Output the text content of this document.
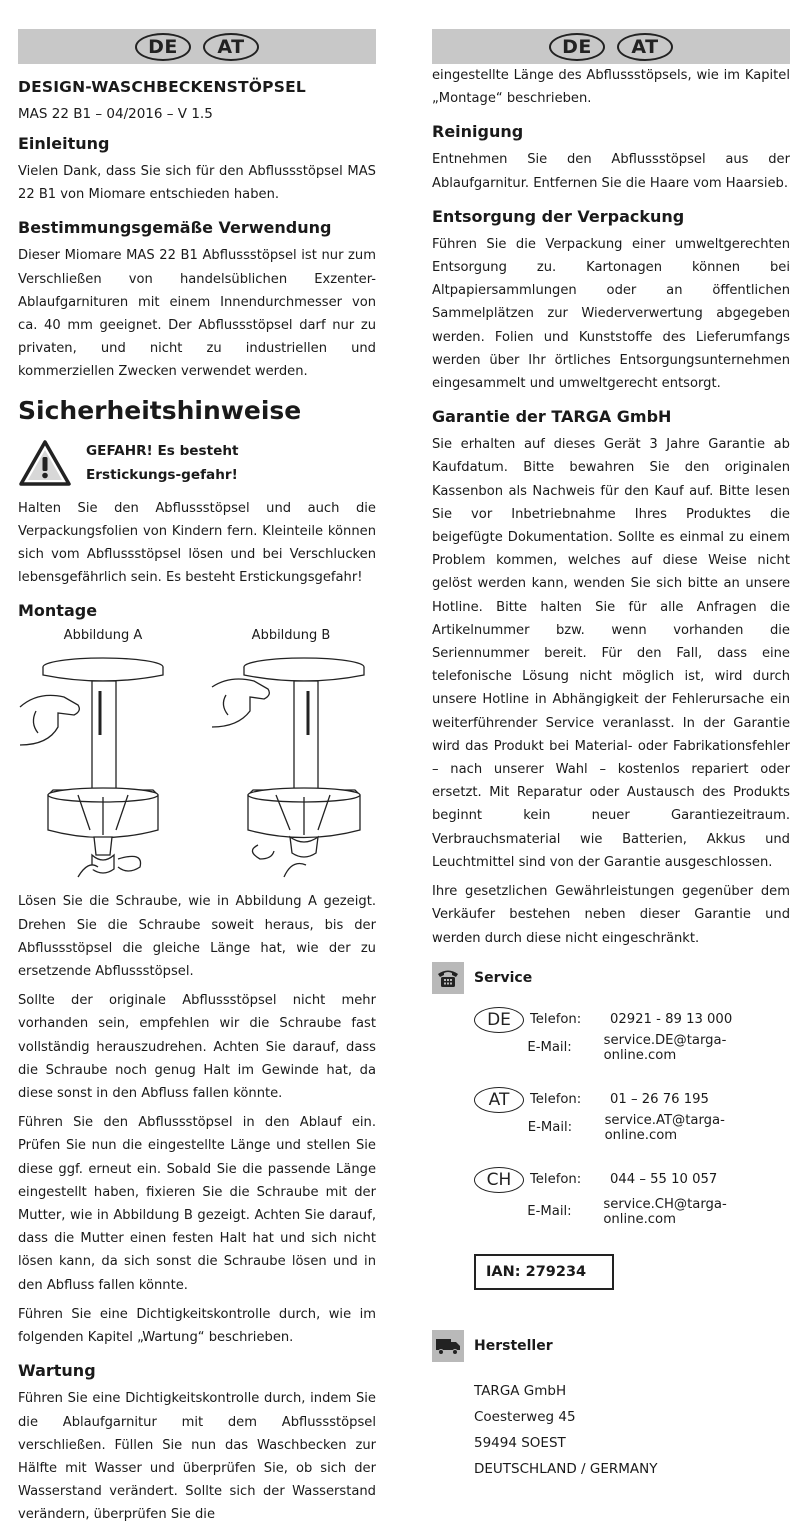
DE	AT
DESIGN-WASCHBECKENSTÖPSEL
MAS 22 B1 – 04/2016 – V 1.5
Einleitung

Vielen Dank, dass Sie sich für den Abflussstöpsel MAS 22 B1 von Miomare entschieden haben.

Bestimmungsgemäße Verwendung

Dieser Miomare MAS 22 B1 Abflussstöpsel ist nur zum Verschließen von handelsüblichen Exzenter-Ablaufgarnituren mit einem Innendurchmesser von ca. 40 mm geeignet. Der Abflussstöpsel darf nur zu privaten, und nicht zu industriellen und kommerziellen Zwecken verwendet werden.

Sicherheitshinweise
GEFAHR! Es besteht Erstickungs-gefahr!

Halten Sie den Abflussstöpsel und auch die Verpackungsfolien von Kindern fern. Kleinteile können sich vom Abflussstöpsel lösen und bei Verschlucken lebensgefährlich sein. Es besteht Erstickungsgefahr!

Montage
Abbildung A	Abbildung B

Lösen Sie die Schraube, wie in Abbildung A gezeigt. Drehen Sie die Schraube soweit heraus, bis der Abflussstöpsel die gleiche Länge hat, wie der zu ersetzende Abflussstöpsel.

Sollte der originale Abflussstöpsel nicht mehr vorhanden sein, empfehlen wir die Schraube fast vollständig herauszudrehen. Achten Sie darauf, dass die Schraube noch genug Halt im Gewinde hat, da diese sonst in den Abfluss fallen könnte.

Führen Sie den Abflussstöpsel in den Ablauf ein. Prüfen Sie nun die eingestellte Länge und stellen Sie diese ggf. erneut ein. Sobald Sie die passende Länge eingestellt haben, fixieren Sie die Schraube mit der Mutter, wie in Abbildung B gezeigt. Achten Sie darauf, dass die Mutter einen festen Halt hat und sich nicht lösen kann, da sich sonst die Schraube lösen und in den Abfluss fallen könnte.

Führen Sie eine Dichtigkeitskontrolle durch, wie im folgenden Kapitel „Wartung“ beschrieben.

Wartung

Führen Sie eine Dichtigkeitskontrolle durch, indem Sie die Ablaufgarnitur mit dem Abflussstöpsel verschließen. Füllen Sie nun das Waschbecken zur Hälfte mit Wasser und überprüfen Sie, ob sich der Wasserstand verändert. Sollte sich der Wasserstand verändern, überprüfen Sie die

DE	AT

eingestellte Länge des Abflussstöpsels, wie im Kapitel „Montage“ beschrieben.

Reinigung

Entnehmen Sie den Abflussstöpsel aus der Ablaufgarnitur. Entfernen Sie die Haare vom Haarsieb.

Entsorgung der Verpackung

Führen Sie die Verpackung einer umweltgerechten Entsorgung zu. Kartonagen können bei Altpapiersammlungen oder an öffentlichen Sammelplätzen zur Wiederverwertung abgegeben werden. Folien und Kunststoffe des Lieferumfangs werden über Ihr örtliches Entsorgungsunternehmen eingesammelt und umweltgerecht entsorgt.

Garantie der TARGA GmbH

Sie erhalten auf dieses Gerät 3 Jahre Garantie ab Kaufdatum. Bitte bewahren Sie den originalen Kassenbon als Nachweis für den Kauf auf. Bitte lesen Sie vor Inbetriebnahme Ihres Produktes die beigefügte Dokumentation. Sollte es einmal zu einem Problem kommen, welches auf diese Weise nicht gelöst werden kann, wenden Sie sich bitte an unsere Hotline. Bitte halten Sie für alle Anfragen die Artikelnummer bzw. wenn vorhanden die Seriennummer bereit. Für den Fall, dass eine telefonische Lösung nicht möglich ist, wird durch unsere Hotline in Abhängigkeit der Fehlerursache ein weiterführender Service veranlasst. In der Garantie wird das Produkt bei Material- oder Fabrikationsfehler – nach unserer Wahl – kostenlos repariert oder ersetzt. Mit Reparatur oder Austausch des Produkts beginnt kein neuer Garantiezeitraum. Verbrauchsmaterial wie Batterien, Akkus und Leuchtmittel sind von der Garantie ausgeschlossen.

Ihre gesetzlichen Gewährleistungen gegenüber dem Verkäufer bestehen neben dieser Garantie und werden durch diese nicht eingeschränkt.

Service
DE	Telefon:	02921 - 89 13 000
E-Mail:	service.DE@targa-online.com
AT	Telefon:	01 – 26 76 195
E-Mail:	service.AT@targa-online.com
CH	Telefon:	044 – 55 10 057
E-Mail:	service.CH@targa-online.com
IAN: 279234
Hersteller
TARGA GmbH
Coesterweg 45
59494 SOEST
DEUTSCHLAND / GERMANY
